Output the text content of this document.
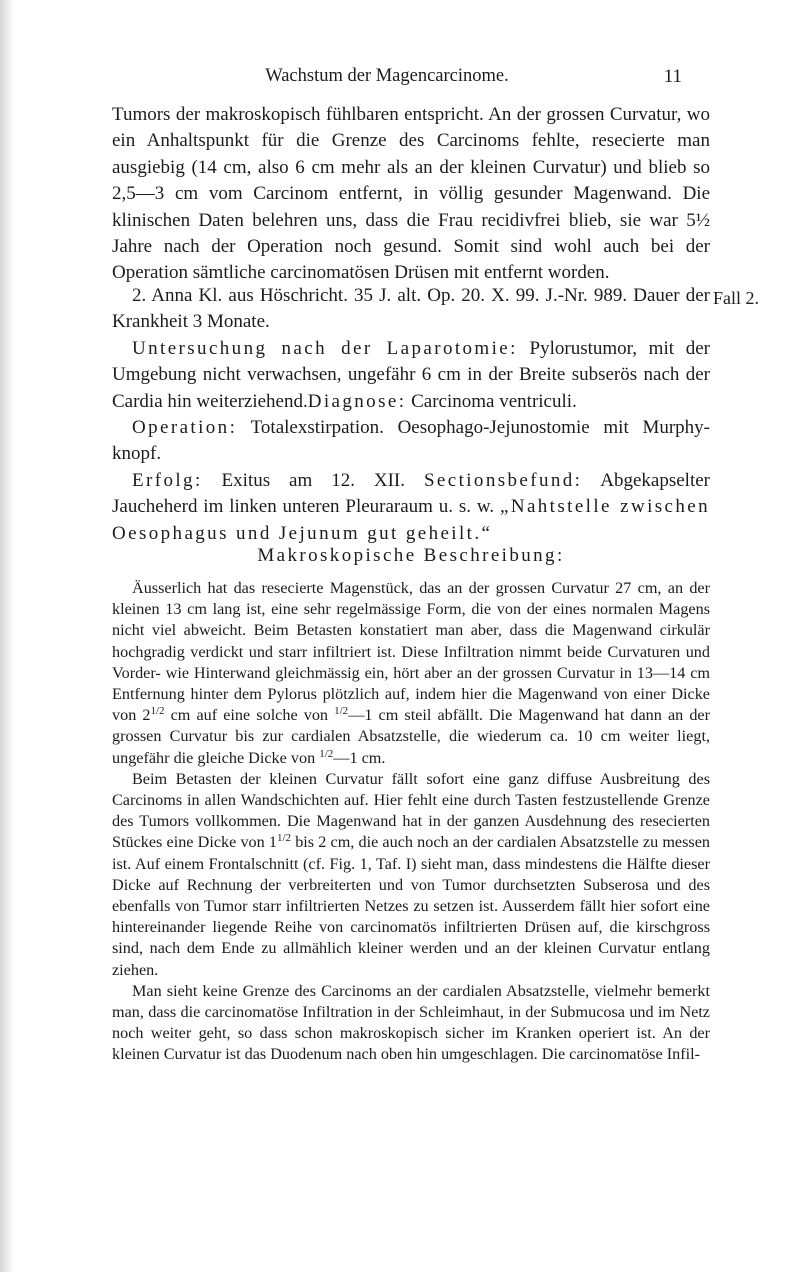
Wachstum der Magencarcinome.	11
Fall 2.

Tumors der makroskopisch fühlbaren entspricht. An der grossen Curvatur, wo ein Anhaltspunkt für die Grenze des Carcinoms fehlte, resecierte man ausgiebig (14 cm, also 6 cm mehr als an der kleinen Curvatur) und blieb so 2,5—3 cm vom Carcinom entfernt, in völlig gesunder Magenwand. Die klinischen Daten belehren uns, dass die Frau recidivfrei blieb, sie war 5½ Jahre nach der Operation noch gesund. Somit sind wohl auch bei der Operation sämtliche carcinomatösen Drüsen mit entfernt worden.

2. Anna Kl. aus Höschricht. 35 J. alt. Op. 20. X. 99. J.-Nr. 989. Dauer der Krankheit 3 Monate.

Untersuchung nach der Laparotomie: Pylorustumor, mit der Umgebung nicht verwachsen, ungefähr 6 cm in der Breite subserös nach der Cardia hin weiterziehend.Diagnose: Carcinoma ventriculi.

Operation: Totalexstirpation. Oesophago-Jejunostomie mit Murphy-knopf.

Erfolg: Exitus am 12. XII. Sectionsbefund: Abgekapselter Jaucheherd im linken unteren Pleuraraum u. s. w. „Nahtstelle zwischen Oesophagus und Jejunum gut geheilt.“

Makroskopische Beschreibung:

Äusserlich hat das resecierte Magenstück, das an der grossen Curvatur 27 cm, an der kleinen 13 cm lang ist, eine sehr regelmässige Form, die von der eines normalen Magens nicht viel abweicht. Beim Betasten konstatiert man aber, dass die Magenwand cirkulär hochgradig verdickt und starr infiltriert ist. Diese Infiltration nimmt beide Curvaturen und Vorder- wie Hinterwand gleichmässig ein, hört aber an der grossen Curvatur in 13—14 cm Entfernung hinter dem Pylorus plötzlich auf, indem hier die Magenwand von einer Dicke von $2^{1/2}$ cm auf eine solche von $^{1/2}$—1 cm steil abfällt. Die Magenwand hat dann an der grossen Curvatur bis zur cardialen Absatzstelle, die wiederum ca. 10 cm weiter liegt, ungefähr die gleiche Dicke von $^{1/2}$—1 cm.

Beim Betasten der kleinen Curvatur fällt sofort eine ganz diffuse Ausbreitung des Carcinoms in allen Wandschichten auf. Hier fehlt eine durch Tasten festzustellende Grenze des Tumors vollkommen. Die Magenwand hat in der ganzen Ausdehnung des resecierten Stückes eine Dicke von $1^{1/2}$ bis 2 cm, die auch noch an der cardialen Absatzstelle zu messen ist. Auf einem Frontalschnitt (cf. Fig. 1, Taf. I) sieht man, dass mindestens die Hälfte dieser Dicke auf Rechnung der verbreiterten und von Tumor durchsetzten Subserosa und des ebenfalls von Tumor starr infiltrierten Netzes zu setzen ist. Ausserdem fällt hier sofort eine hintereinander liegende Reihe von carcinomatös infiltrierten Drüsen auf, die kirschgross sind, nach dem Ende zu allmählich kleiner werden und an der kleinen Curvatur entlang ziehen.

Man sieht keine Grenze des Carcinoms an der cardialen Absatzstelle, vielmehr bemerkt man, dass die carcinomatöse Infiltration in der Schleimhaut, in der Submucosa und im Netz noch weiter geht, so dass schon makroskopisch sicher im Kranken operiert ist. An der kleinen Curvatur ist das Duodenum nach oben hin umgeschlagen. Die carcinomatöse Infil-
